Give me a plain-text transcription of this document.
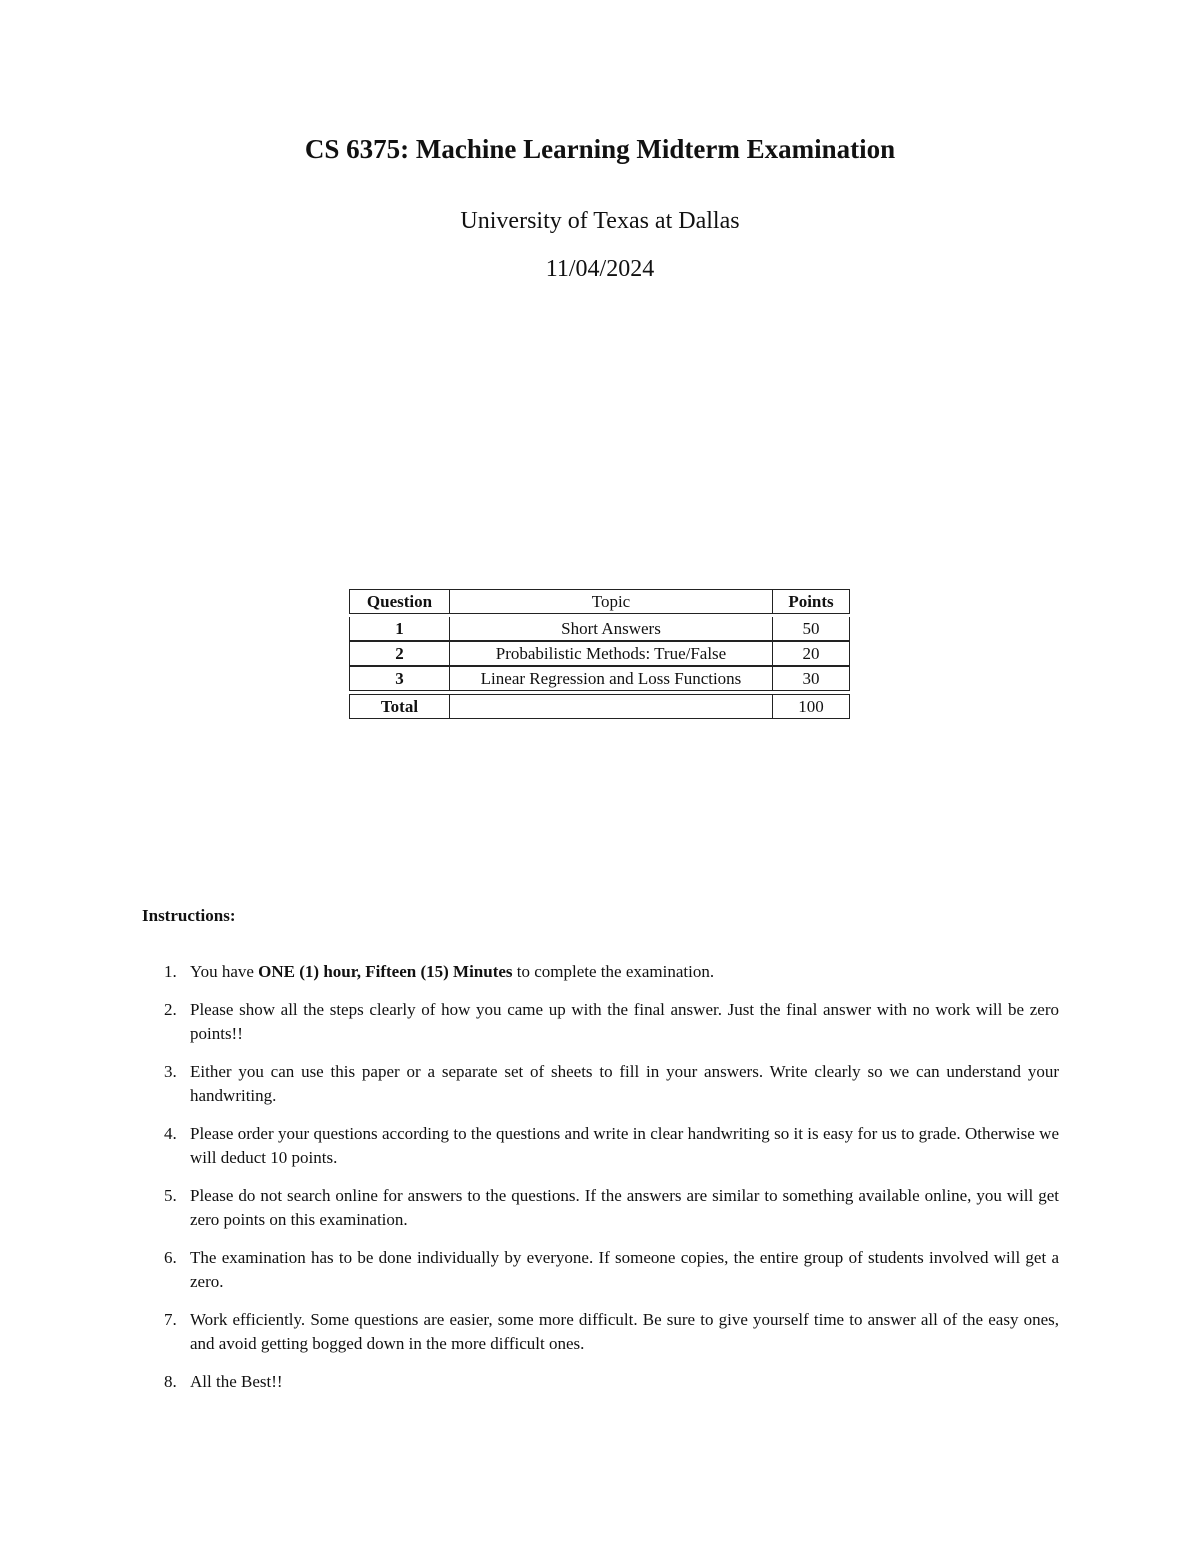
CS 6375: Machine Learning Midterm Examination
University of Texas at Dallas
11/04/2024
Question	Topic	Points

1	Short Answers	50
2	Probabilistic Methods: True/False	20
3	Linear Regression and Loss Functions	30

Total		100
Instructions:
1. You have ONE (1) hour, Fifteen (15) Minutes to complete the examination.
2. Please show all the steps clearly of how you came up with the final answer. Just the final answer with no work will be zero points!!
3. Either you can use this paper or a separate set of sheets to fill in your answers. Write clearly so we can understand your handwriting.
4. Please order your questions according to the questions and write in clear handwriting so it is easy for us to grade. Otherwise we will deduct 10 points.
5. Please do not search online for answers to the questions. If the answers are similar to something available online, you will get zero points on this examination.
6. The examination has to be done individually by everyone. If someone copies, the entire group of students involved will get a zero.
7. Work efficiently. Some questions are easier, some more difficult. Be sure to give yourself time to answer all of the easy ones, and avoid getting bogged down in the more difficult ones.
8. All the Best!!
